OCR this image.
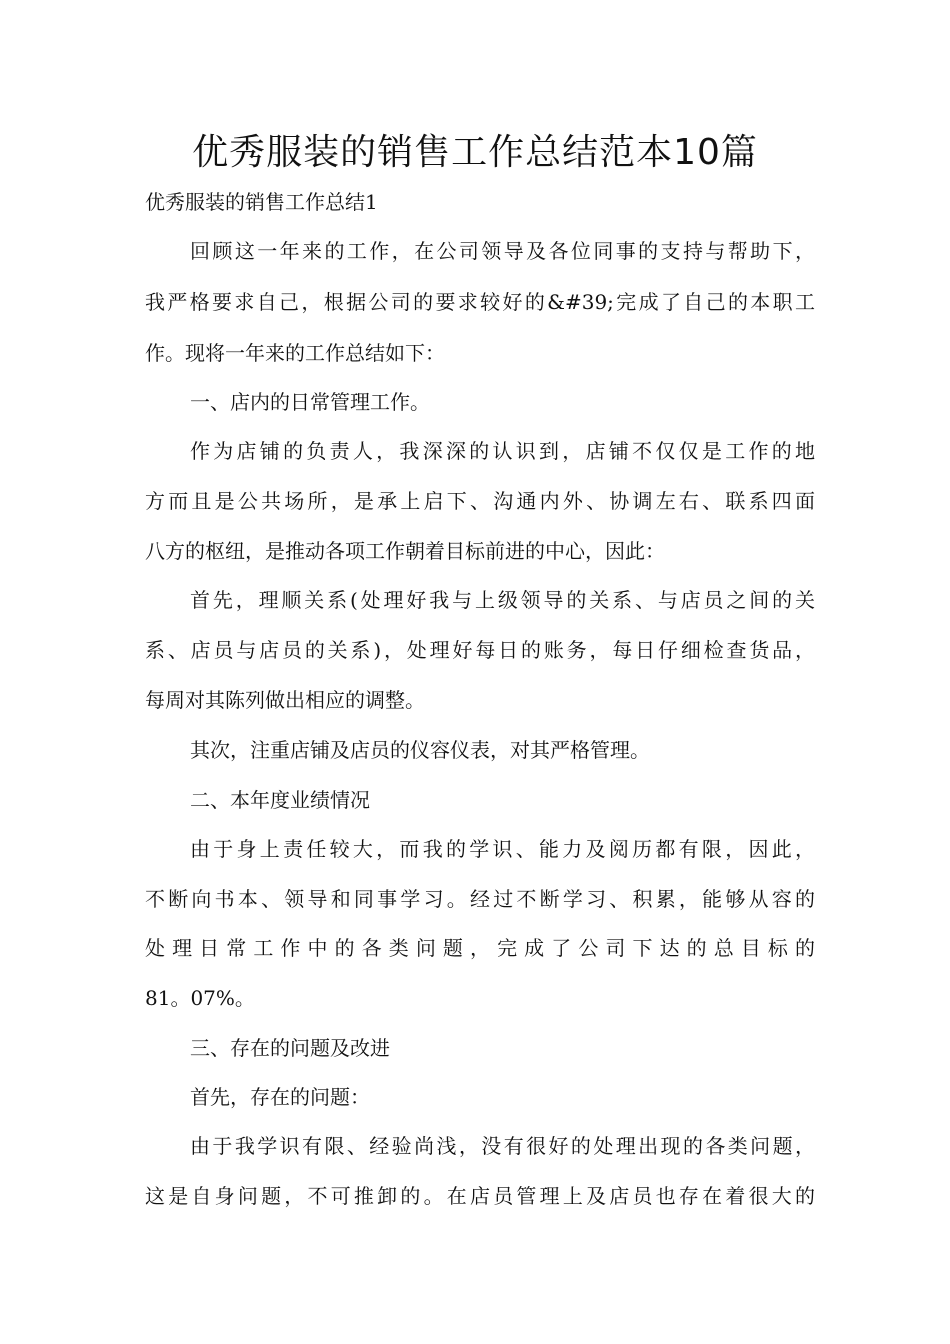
优秀服装的销售工作总结范本10篇
优秀服装的销售工作总结1
回顾这一年来的工作，在公司领导及各位同事的支持与帮助下，
我严格要求自己，根据公司的要求较好的&#39;完成了自己的本职工
作。现将一年来的工作总结如下：
一、店内的日常管理工作。
作为店铺的负责人，我深深的认识到，店铺不仅仅是工作的地
方而且是公共场所，是承上启下、沟通内外、协调左右、联系四面
八方的枢纽，是推动各项工作朝着目标前进的中心，因此：
首先，理顺关系(处理好我与上级领导的关系、与店员之间的关
系、店员与店员的关系)，处理好每日的账务，每日仔细检查货品，
每周对其陈列做出相应的调整。
其次，注重店铺及店员的仪容仪表，对其严格管理。
二、本年度业绩情况
由于身上责任较大，而我的学识、能力及阅历都有限，因此，
不断向书本、领导和同事学习。经过不断学习、积累，能够从容的
处理日常工作中的各类问题，完成了公司下达的总目标的
81。07%。
三、存在的问题及改进
首先，存在的问题：
由于我学识有限、经验尚浅，没有很好的处理出现的各类问题，
这是自身问题，不可推卸的。在店员管理上及店员也存在着很大的
